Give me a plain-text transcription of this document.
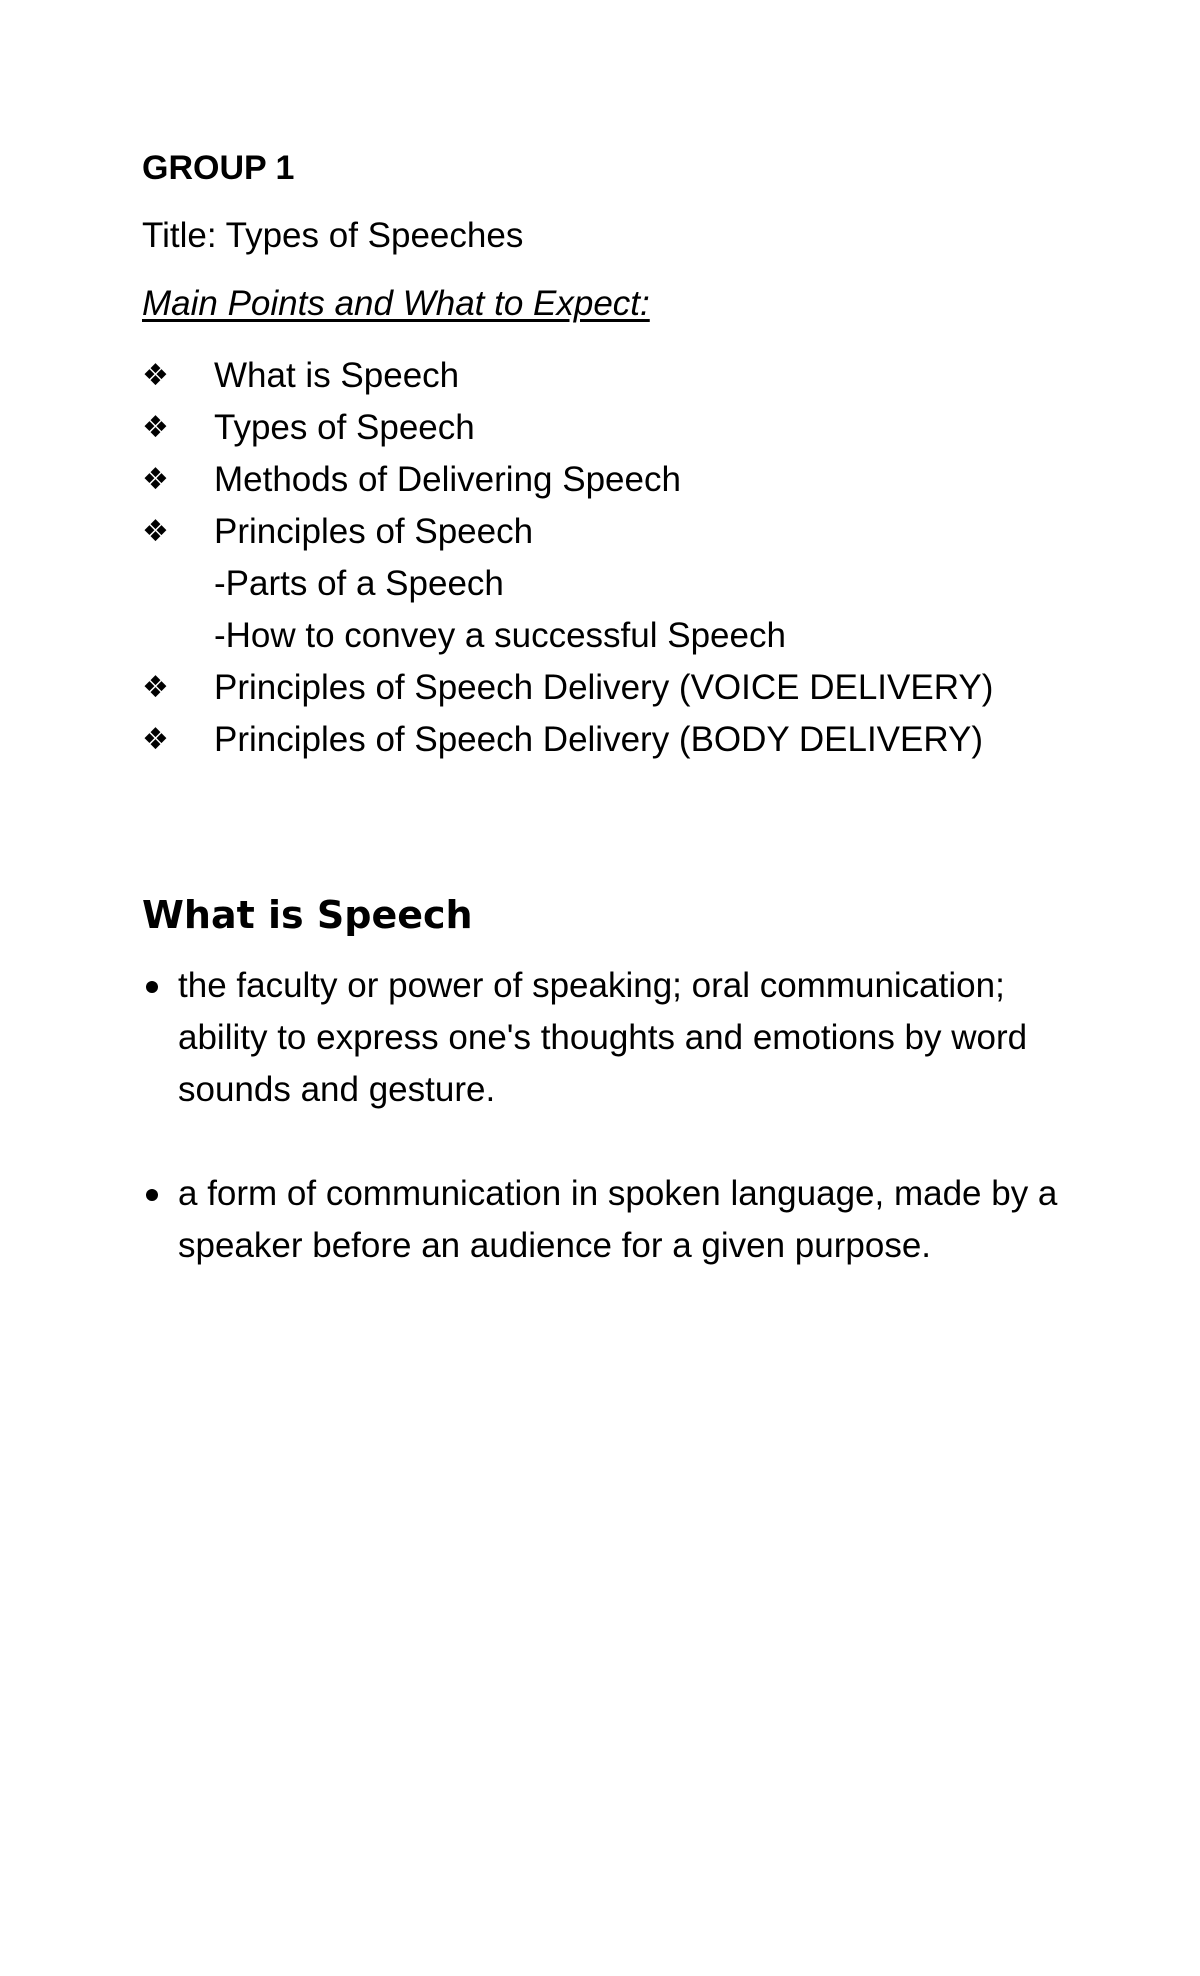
GROUP 1
Title: Types of Speeches
Main Points and What to Expect:
❖	What is Speech
❖	Types of Speech
❖	Methods of Delivering Speech
❖	Principles of Speech
-Parts of a Speech
-How to convey a successful Speech
❖	Principles of Speech Delivery (VOICE DELIVERY)
❖	Principles of Speech Delivery (BODY DELIVERY)
What is Speech
the faculty or power of speaking; oral communication; ability to express one's thoughts and emotions by word sounds and gesture.
a form of communication in spoken language, made by a speaker before an audience for a given purpose.
